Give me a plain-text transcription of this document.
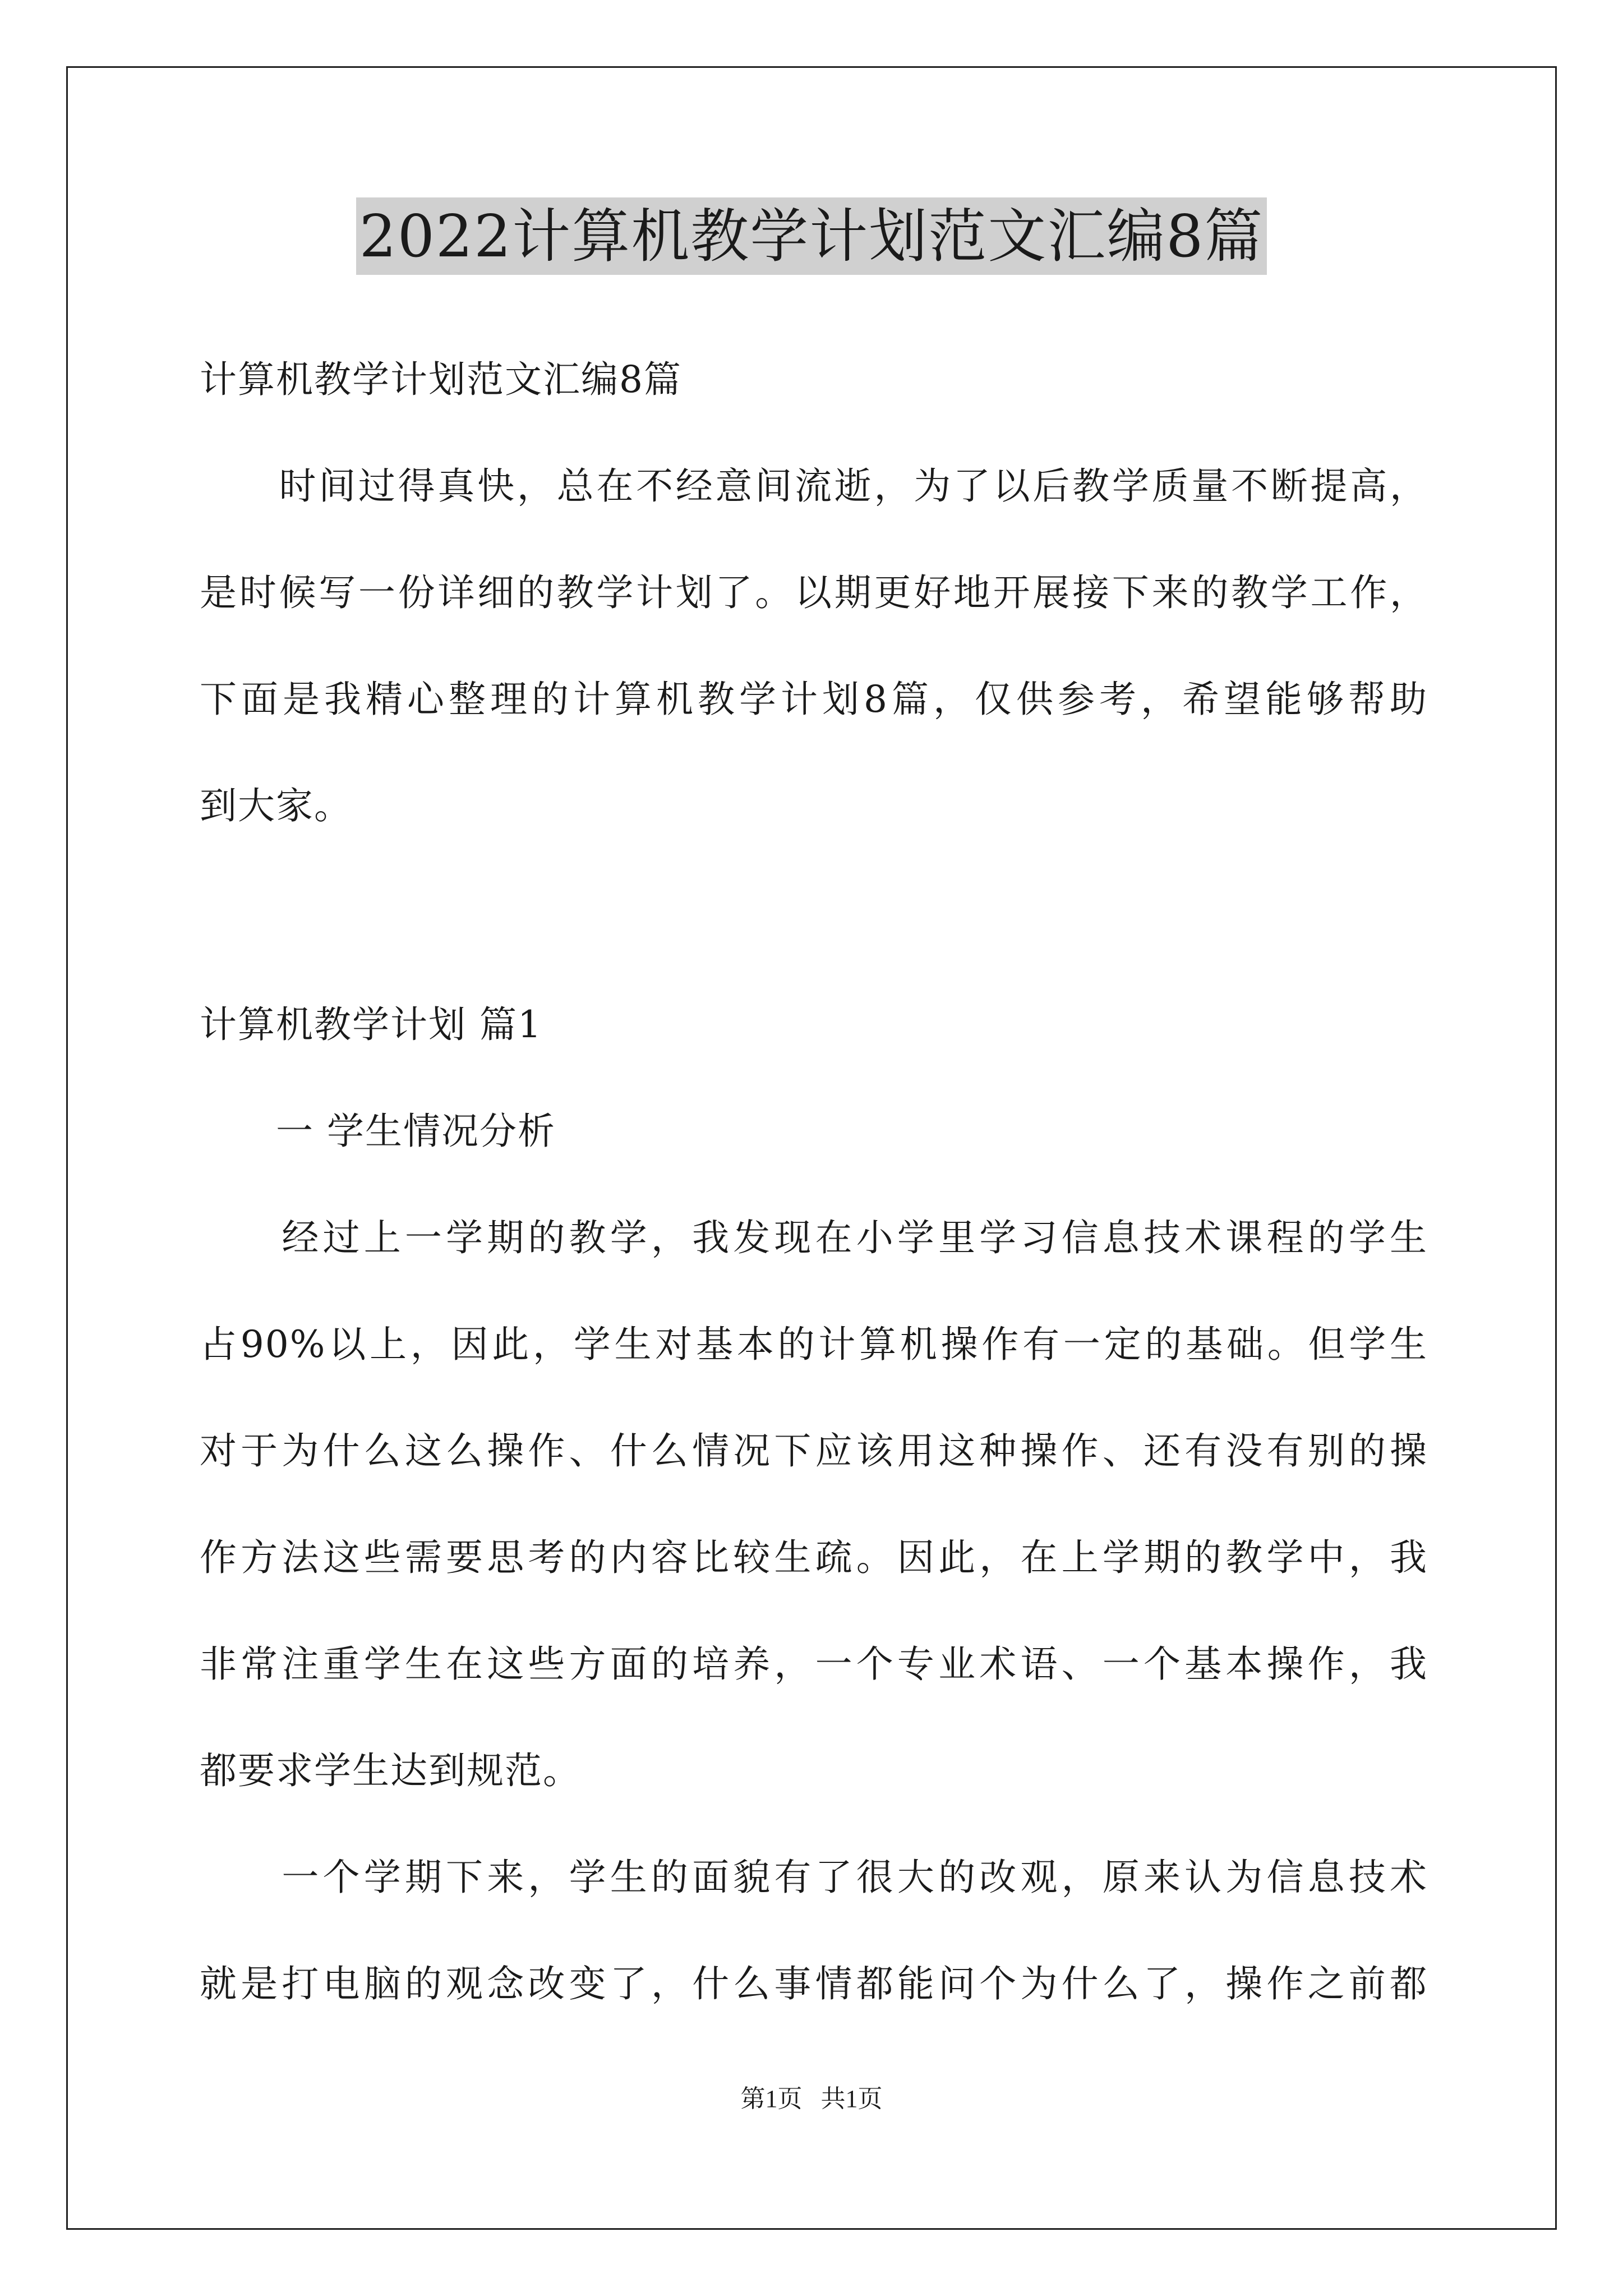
2022计算机教学计划范文汇编8篇
计算机教学计划范文汇编8篇
　　时间过得真快，总在不经意间流逝，为了以后教学质量不断提高，
是时候写一份详细的教学计划了。以期更好地开展接下来的教学工作，
下面是我精心整理的计算机教学计划8篇，仅供参考，希望能够帮助
到大家。
计算机教学计划 篇1
　　一 学生情况分析
　　经过上一学期的教学，我发现在小学里学习信息技术课程的学生
占90%以上，因此，学生对基本的计算机操作有一定的基础。但学生
对于为什么这么操作、什么情况下应该用这种操作、还有没有别的操
作方法这些需要思考的内容比较生疏。因此，在上学期的教学中，我
非常注重学生在这些方面的培养，一个专业术语、一个基本操作，我
都要求学生达到规范。
　　一个学期下来，学生的面貌有了很大的改观，原来认为信息技术
就是打电脑的观念改变了，什么事情都能问个为什么了，操作之前都
第1页   共1页
